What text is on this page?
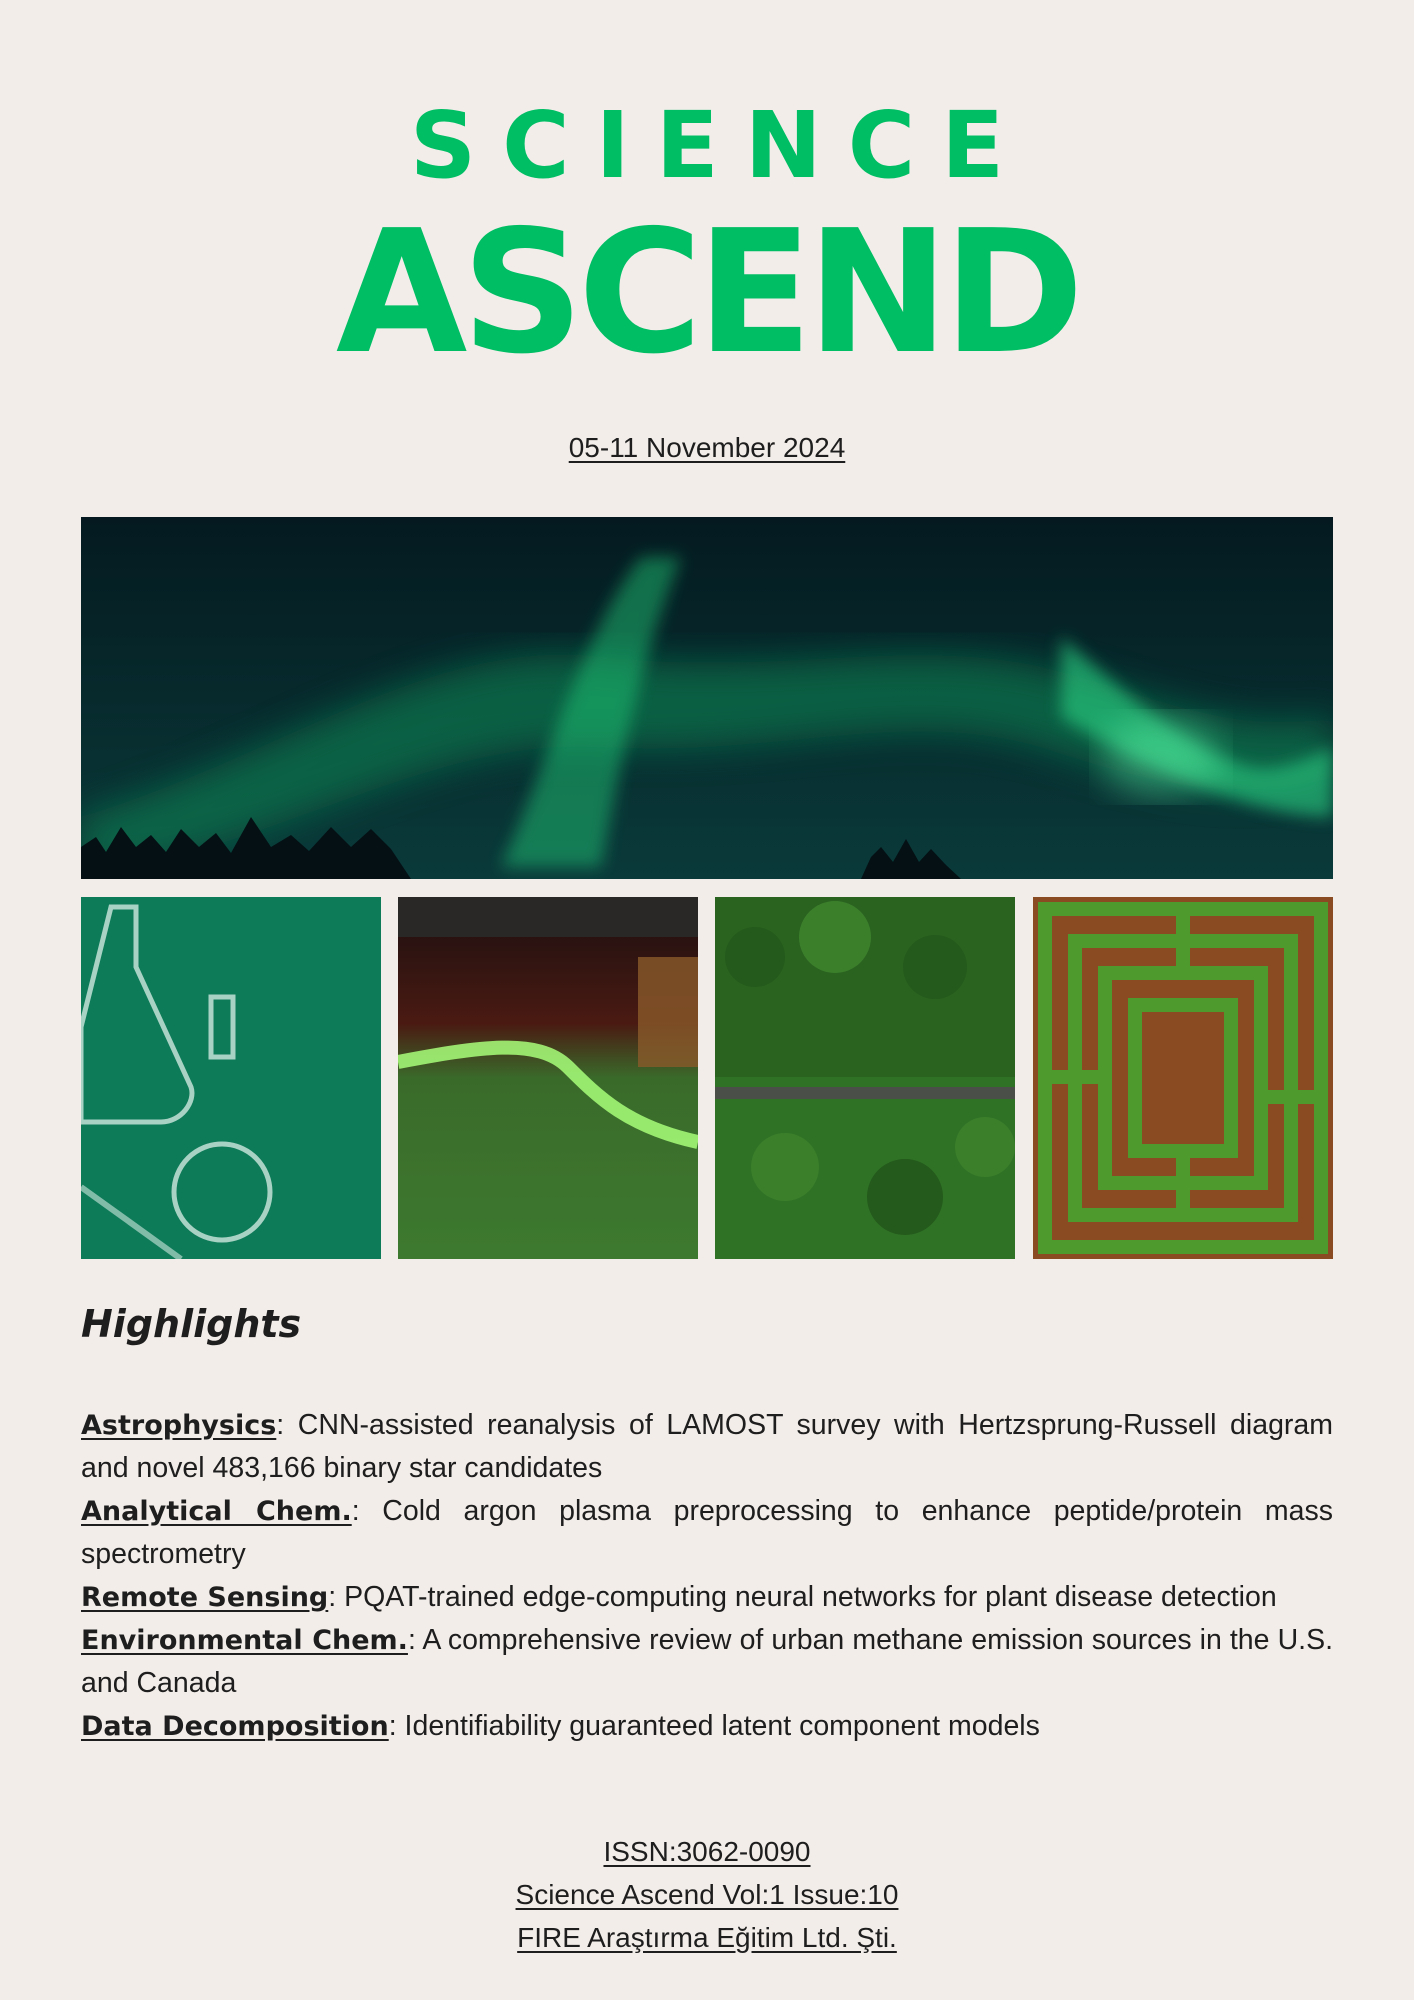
SCIENCE
ASCEND
05-11 November 2024
Highlights

Astrophysics: CNN-assisted reanalysis of LAMOST survey with Hertzsprung-Russell diagram and novel 483,166 binary star candidates

Analytical Chem.: Cold argon plasma preprocessing to enhance peptide/protein mass spectrometry

Remote Sensing: PQAT-trained edge-computing neural networks for plant disease detection

Environmental Chem.: A comprehensive review of urban methane emission sources in the U.S. and Canada

Data Decomposition: Identifiability guaranteed latent component models

ISSN:3062-0090
Science Ascend Vol:1 Issue:10
FIRE Araştırma Eğitim Ltd. Şti.
